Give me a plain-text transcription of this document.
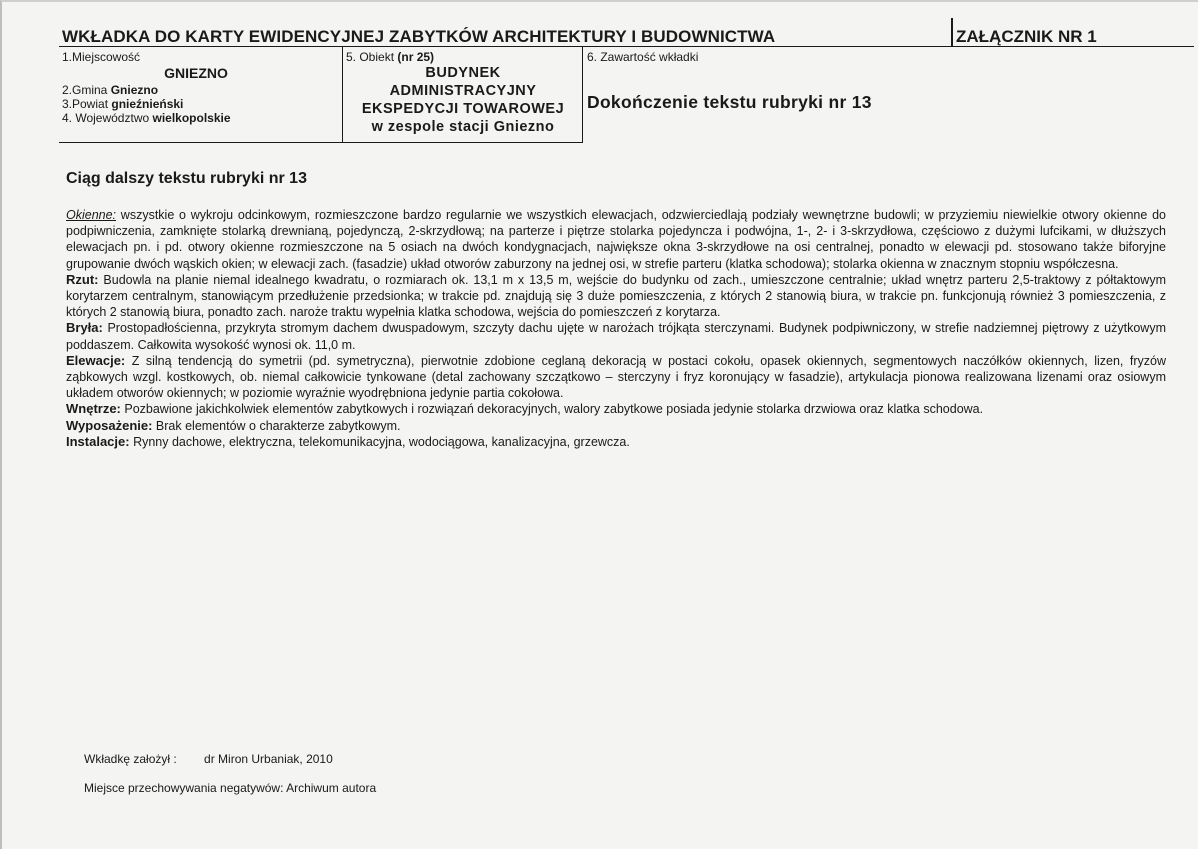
WKŁADKA DO KARTY EWIDENCYJNEJ ZABYTKÓW ARCHITEKTURY I BUDOWNICTWA	ZAŁĄCZNIK NR 1
1.Miejscowość
GNIEZNO
2.Gmina Gniezno
3.Powiat gnieźnieński
4. Województwo wielkopolskie
5. Obiekt (nr 25)
BUDYNEK
ADMINISTRACYJNY
EKSPEDYCJI TOWAROWEJ
w zespole stacji Gniezno
6. Zawartość wkładki
Dokończenie tekstu rubryki nr 13
Ciąg dalszy tekstu rubryki nr 13

Okienne: wszystkie o wykroju odcinkowym, rozmieszczone bardzo regularnie we wszystkich elewacjach, odzwierciedlają podziały wewnętrzne budowli; w przyziemiu niewielkie otwory okienne do podpiwniczenia, zamknięte stolarką drewnianą, pojedynczą, 2-skrzydłową; na parterze i piętrze stolarka pojedyncza i podwójna, 1-, 2- i 3-skrzydłowa, częściowo z dużymi lufcikami, w dłuższych elewacjach pn. i pd. otwory okienne rozmieszczone na 5 osiach na dwóch kondygnacjach, największe okna 3-skrzydłowe na osi centralnej, ponadto w elewacji pd. stosowano także biforyjne grupowanie dwóch wąskich okien; w elewacji zach. (fasadzie) układ otworów zaburzony na jednej osi, w strefie parteru (klatka schodowa); stolarka okienna w znacznym stopniu współczesna.

Rzut: Budowla na planie niemal idealnego kwadratu, o rozmiarach ok. 13,1 m x 13,5 m, wejście do budynku od zach., umieszczone centralnie; układ wnętrz parteru 2,5-traktowy z półtaktowym korytarzem centralnym, stanowiącym przedłużenie przedsionka; w trakcie pd. znajdują się 3 duże pomieszczenia, z których 2 stanowią biura, w trakcie pn. funkcjonują również 3 pomieszczenia, z których 2 stanowią biura, ponadto zach. naroże traktu wypełnia klatka schodowa, wejścia do pomieszczeń z korytarza.

Bryła: Prostopadłościenna, przykryta stromym dachem dwuspadowym, szczyty dachu ujęte w narożach trójkąta sterczynami. Budynek podpiwniczony, w strefie nadziemnej piętrowy z użytkowym poddaszem. Całkowita wysokość wynosi ok. 11,0 m.

Elewacje: Z silną tendencją do symetrii (pd. symetryczna), pierwotnie zdobione ceglaną dekoracją w postaci cokołu, opasek okiennych, segmentowych naczółków okiennych, lizen, fryzów ząbkowych wzgl. kostkowych, ob. niemal całkowicie tynkowane (detal zachowany szczątkowo – sterczyny i fryz koronujący w fasadzie), artykulacja pionowa realizowana lizenami oraz osiowym układem otworów okiennych; w poziomie wyraźnie wyodrębniona jedynie partia cokołowa.

Wnętrze: Pozbawione jakichkolwiek elementów zabytkowych i rozwiązań dekoracyjnych, walory zabytkowe posiada jedynie stolarka drzwiowa oraz klatka schodowa.

Wyposażenie: Brak elementów o charakterze zabytkowym.

Instalacje: Rynny dachowe, elektryczna, telekomunikacyjna, wodociągowa, kanalizacyjna, grzewcza.

Wkładkę założył : dr Miron Urbaniak, 2010
Miejsce przechowywania negatywów: Archiwum autora
